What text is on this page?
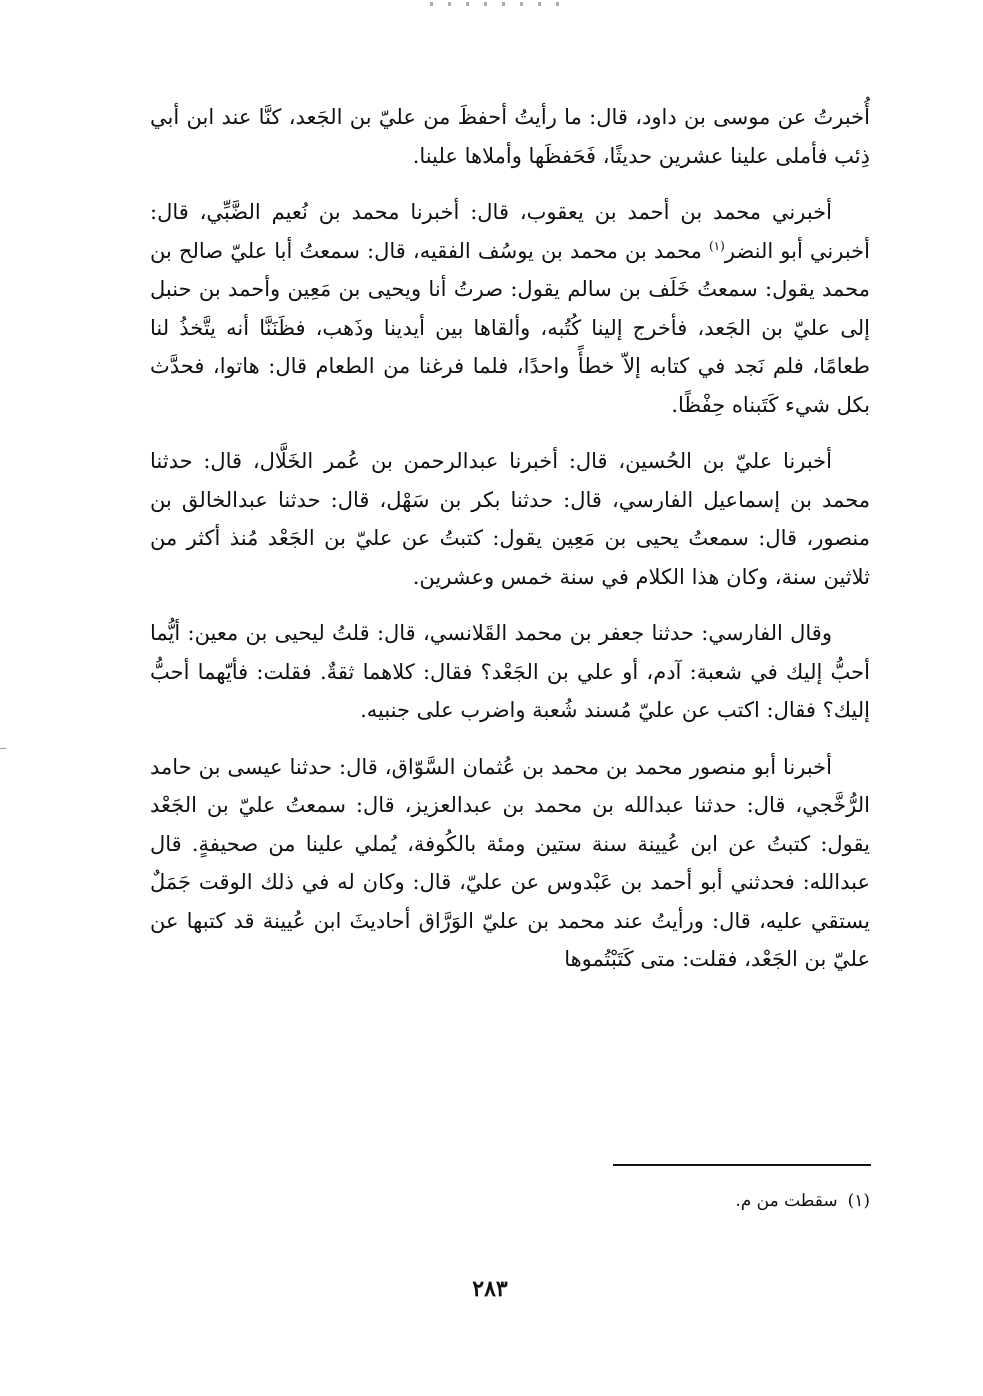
أُخبرتُ عن موسى بن داود، قال: ما رأيتُ أحفظَ من عليّ بن الجَعد، كنَّا عند ابن أبي ذِئب فأملى علينا عشرين حديثًا، فَحَفظَها وأملاها علينا.

أخبرني محمد بن أحمد بن يعقوب، قال: أخبرنا محمد بن نُعيم الضَّبِّي، قال: أخبرني أبو النضر$^{(١)}$ محمد بن محمد بن يوسُف الفقيه، قال: سمعتُ أبا عليّ صالح بن محمد يقول: سمعتُ خَلَف بن سالم يقول: صرتُ أنا ويحيى بن مَعِين وأحمد بن حنبل إلى عليّ بن الجَعد، فأخرج إلينا كُتُبه، وألقاها بين أيدينا وذَهب، فظَنَنَّا أنه يتَّخذُ لنا طعامًا، فلم نَجد في كتابه إلاّ خطأً واحدًا، فلما فرغنا من الطعام قال: هاتوا، فحدَّث بكل شيء كَتَبناه حِفْظًا.

أخبرنا عليّ بن الحُسين، قال: أخبرنا عبدالرحمن بن عُمر الخَلَّال، قال: حدثنا محمد بن إسماعيل الفارسي، قال: حدثنا بكر بن سَهْل، قال: حدثنا عبدالخالق بن منصور، قال: سمعتُ يحيى بن مَعِين يقول: كتبتُ عن عليّ بن الجَعْد مُنذ أكثر من ثلاثين سنة، وكان هذا الكلام في سنة خمس وعشرين.

وقال الفارسي: حدثنا جعفر بن محمد القَلانسي، قال: قلتُ ليحيى بن معين: أيُّما أحبُّ إليك في شعبة: آدم، أو علي بن الجَعْد؟ فقال: كلاهما ثقةٌ. فقلت: فأيّهما أحبُّ إليك؟ فقال: اكتب عن عليّ مُسند شُعبة واضرب على جنبيه.

أخبرنا أبو منصور محمد بن محمد بن عُثمان السَّوّاق، قال: حدثنا عيسى بن حامد الرُّخَّجي، قال: حدثنا عبدالله بن محمد بن عبدالعزيز، قال: سمعتُ عليّ بن الجَعْد يقول: كتبتُ عن ابن عُيينة سنة ستين ومئة بالكُوفة، يُملي علينا من صحيفةٍ. قال عبدالله: فحدثني أبو أحمد بن عَبْدوس عن عليّ، قال: وكان له في ذلك الوقت جَمَلٌ يستقي عليه، قال: ورأيتُ عند محمد بن عليّ الوَرَّاق أحاديثَ ابن عُيينة قد كتبها عن عليّ بن الجَعْد، فقلت: متى كَتَبْتُموها

(١)سقطت من م.
٢٨٣
